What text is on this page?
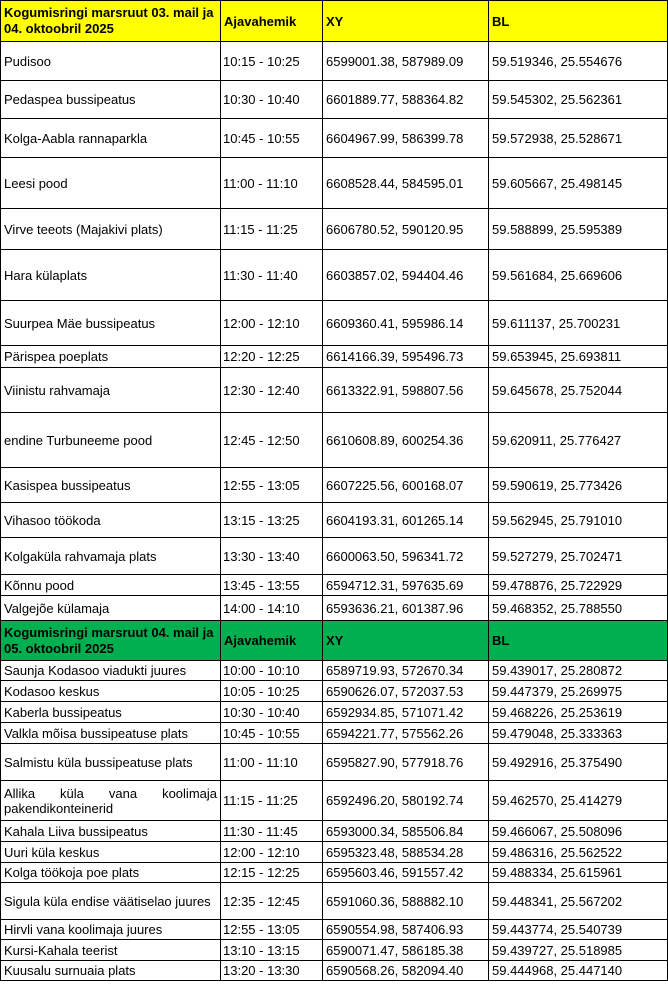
Kogumisringi marsruut 03. mail ja 04. oktoobril 2025	Ajavahemik	XY	BL
Pudisoo	10:15 - 10:25	6599001.38, 587989.09	59.519346, 25.554676
Pedaspea bussipeatus	10:30 - 10:40	6601889.77, 588364.82	59.545302, 25.562361
Kolga-Aabla rannaparkla	10:45 - 10:55	6604967.99, 586399.78	59.572938, 25.528671
Leesi pood	11:00 - 11:10	6608528.44, 584595.01	59.605667, 25.498145
Virve teeots (Majakivi plats)	11:15 - 11:25	6606780.52, 590120.95	59.588899, 25.595389
Hara külaplats	11:30 - 11:40	6603857.02, 594404.46	59.561684, 25.669606
Suurpea Mäe bussipeatus	12:00 - 12:10	6609360.41, 595986.14	59.611137, 25.700231
Pärispea poeplats	12:20 - 12:25	6614166.39, 595496.73	59.653945, 25.693811
Viinistu rahvamaja	12:30 - 12:40	6613322.91, 598807.56	59.645678, 25.752044
endine Turbuneeme pood	12:45 - 12:50	6610608.89, 600254.36	59.620911, 25.776427
Kasispea bussipeatus	12:55 - 13:05	6607225.56, 600168.07	59.590619, 25.773426
Vihasoo töökoda	13:15 - 13:25	6604193.31, 601265.14	59.562945, 25.791010
Kolgaküla rahvamaja plats	13:30 - 13:40	6600063.50, 596341.72	59.527279, 25.702471
Kõnnu pood	13:45 - 13:55	6594712.31, 597635.69	59.478876, 25.722929
Valgejõe külamaja	14:00 - 14:10	6593636.21, 601387.96	59.468352, 25.788550
Kogumisringi marsruut 04. mail ja 05. oktoobril 2025	Ajavahemik	XY	BL
Saunja Kodasoo viadukti juures	10:00 - 10:10	6589719.93, 572670.34	59.439017, 25.280872
Kodasoo keskus	10:05 - 10:25	6590626.07, 572037.53	59.447379, 25.269975
Kaberla bussipeatus	10:30 - 10:40	6592934.85, 571071.42	59.468226, 25.253619
Valkla mõisa bussipeatuse plats	10:45 - 10:55	6594221.77, 575562.26	59.479048, 25.333363
Salmistu küla bussipeatuse plats	11:00 - 11:10	6595827.90, 577918.76	59.492916, 25.375490
Allika küla vana koolimaja pakendikonteinerid	11:15 - 11:25	6592496.20, 580192.74	59.462570, 25.414279
Kahala Liiva bussipeatus	11:30 - 11:45	6593000.34, 585506.84	59.466067, 25.508096
Uuri küla keskus	12:00 - 12:10	6595323.48, 588534.28	59.486316, 25.562522
Kolga töökoja poe plats	12:15 - 12:25	6595603.46, 591557.42	59.488334, 25.615961
Sigula küla endise väätiselao juures	12:35 - 12:45	6591060.36, 588882.10	59.448341, 25.567202
Hirvli vana koolimaja juures	12:55 - 13:05	6590554.98, 587406.93	59.443774, 25.540739
Kursi-Kahala teerist	13:10 - 13:15	6590071.47, 586185.38	59.439727, 25.518985
Kuusalu surnuaia plats	13:20 - 13:30	6590568.26, 582094.40	59.444968, 25.447140
